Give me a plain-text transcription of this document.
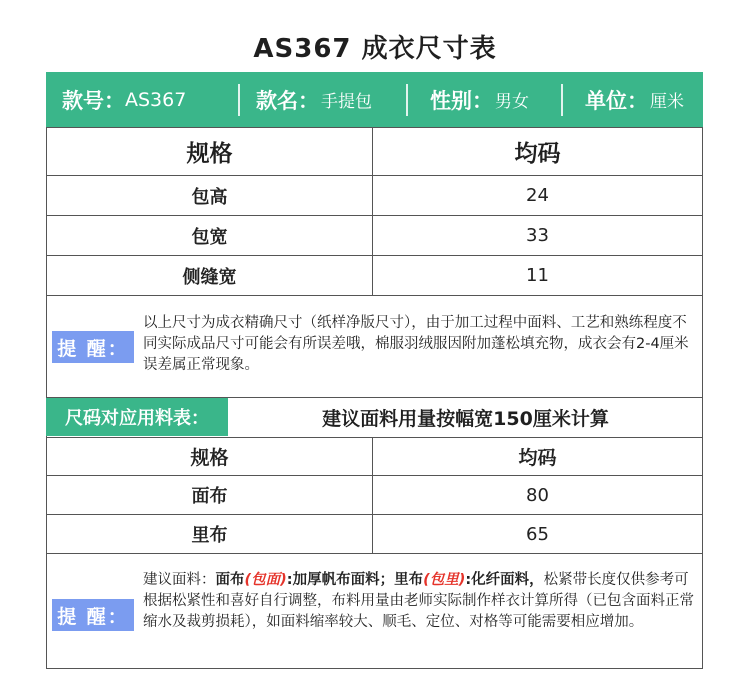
AS367 成衣尺寸表
款号： AS367	款名： 手提包	性别： 男女	单位： 厘米
规格	均码
包高	24
包宽	33
侧缝宽	11
提 醒：
以上尺寸为成衣精确尺寸（纸样净版尺寸），由于加工过程中面料、工艺和熟练程度不同实际成品尺寸可能会有所误差哦，棉服羽绒服因附加蓬松填充物，成衣会有2-4厘米误差属正常现象。
尺码对应用料表：	建议面料用量按幅宽150厘米计算
规格	均码
面布	80
里布	65
提 醒：
建议面料：面布(包面):加厚帆布面料；里布(包里):化纤面料，松紧带长度仅供参考可根据松紧性和喜好自行调整，布料用量由老师实际制作样衣计算所得（已包含面料正常缩水及裁剪损耗），如面料缩率较大、顺毛、定位、对格等可能需要相应增加。
